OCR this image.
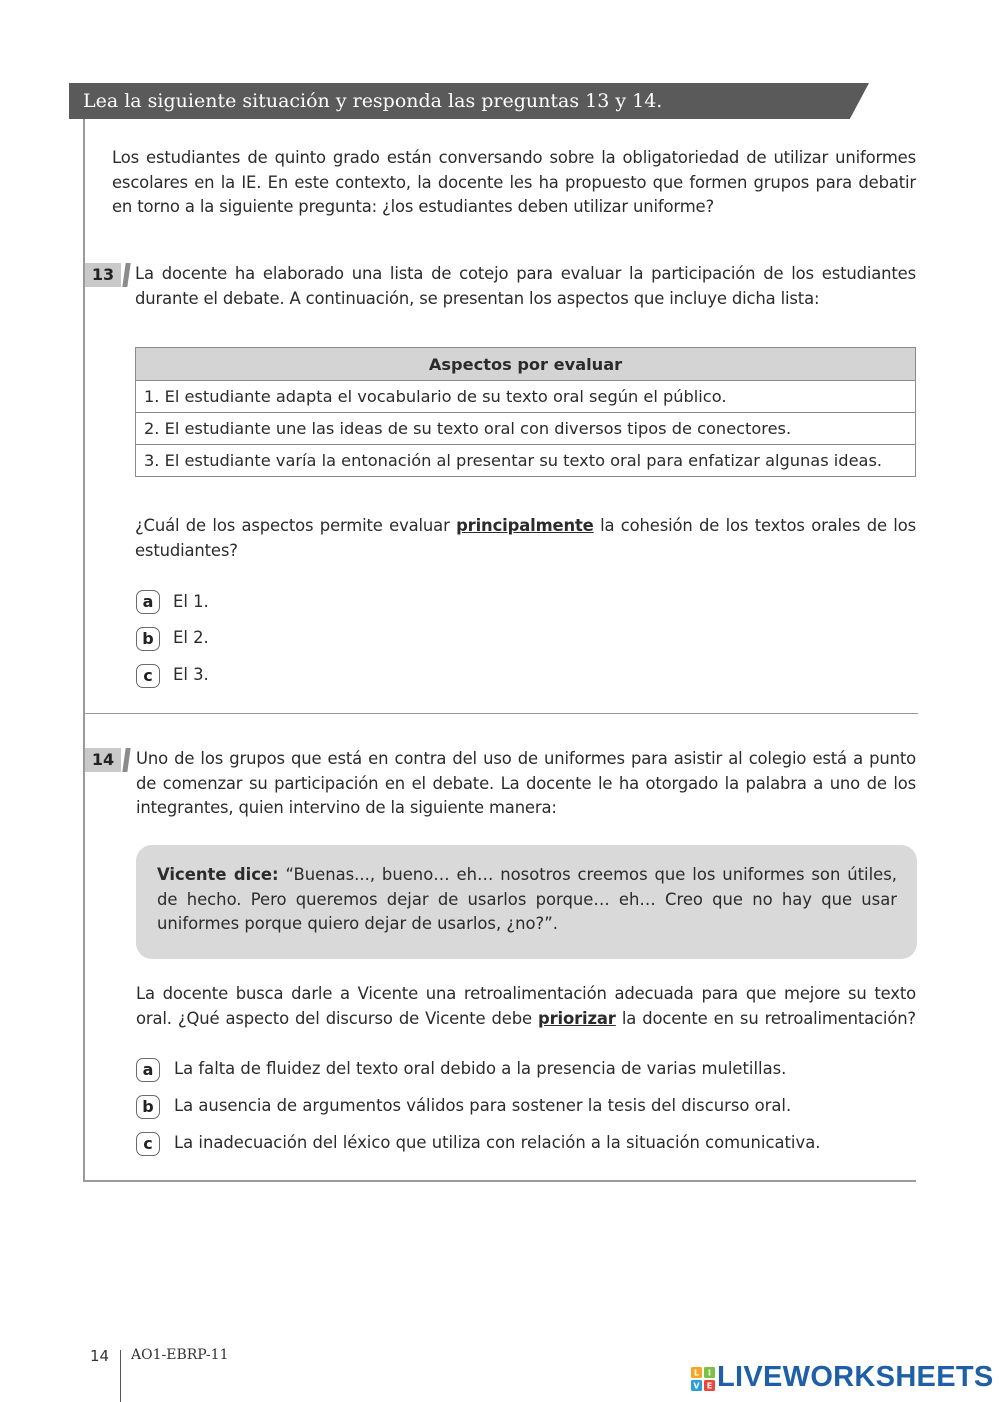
Lea la siguiente situación y responda las preguntas 13 y 14.
Los estudiantes de quinto grado están conversando sobre la obligatoriedad de utilizar uniformes
escolares en la IE. En este contexto, la docente les ha propuesto que formen grupos para debatir
en torno a la siguiente pregunta: ¿los estudiantes deben utilizar uniforme?
13	La docente ha elaborado una lista de cotejo para evaluar la participación de los estudiantes
durante el debate. A continuación, se presentan los aspectos que incluye dicha lista:
Aspectos por evaluar
1. El estudiante adapta el vocabulario de su texto oral según el público.
2. El estudiante une las ideas de su texto oral con diversos tipos de conectores.
3. El estudiante varía la entonación al presentar su texto oral para enfatizar algunas ideas.
¿Cuál de los aspectos permite evaluar principalmente la cohesión de los textos orales de los
estudiantes?
a	El 1.
b	El 2.
c	El 3.
14	Uno de los grupos que está en contra del uso de uniformes para asistir al colegio está a punto
de comenzar su participación en el debate. La docente le ha otorgado la palabra a uno de los
integrantes, quien intervino de la siguiente manera:
Vicente dice: “Buenas..., bueno… eh… nosotros creemos que los uniformes son útiles,
de hecho. Pero queremos dejar de usarlos porque… eh… Creo que no hay que usar
uniformes porque quiero dejar de usarlos, ¿no?”.
La docente busca darle a Vicente una retroalimentación adecuada para que mejore su texto
oral. ¿Qué aspecto del discurso de Vicente debe priorizar la docente en su retroalimentación?
a	La falta de fluidez del texto oral debido a la presencia de varias muletillas.
b	La ausencia de argumentos válidos para sostener la tesis del discurso oral.
c	La inadecuación del léxico que utiliza con relación a la situación comunicativa.
14 AO1-EBRP-11
L I
V E LIVEWORKSHEETS
